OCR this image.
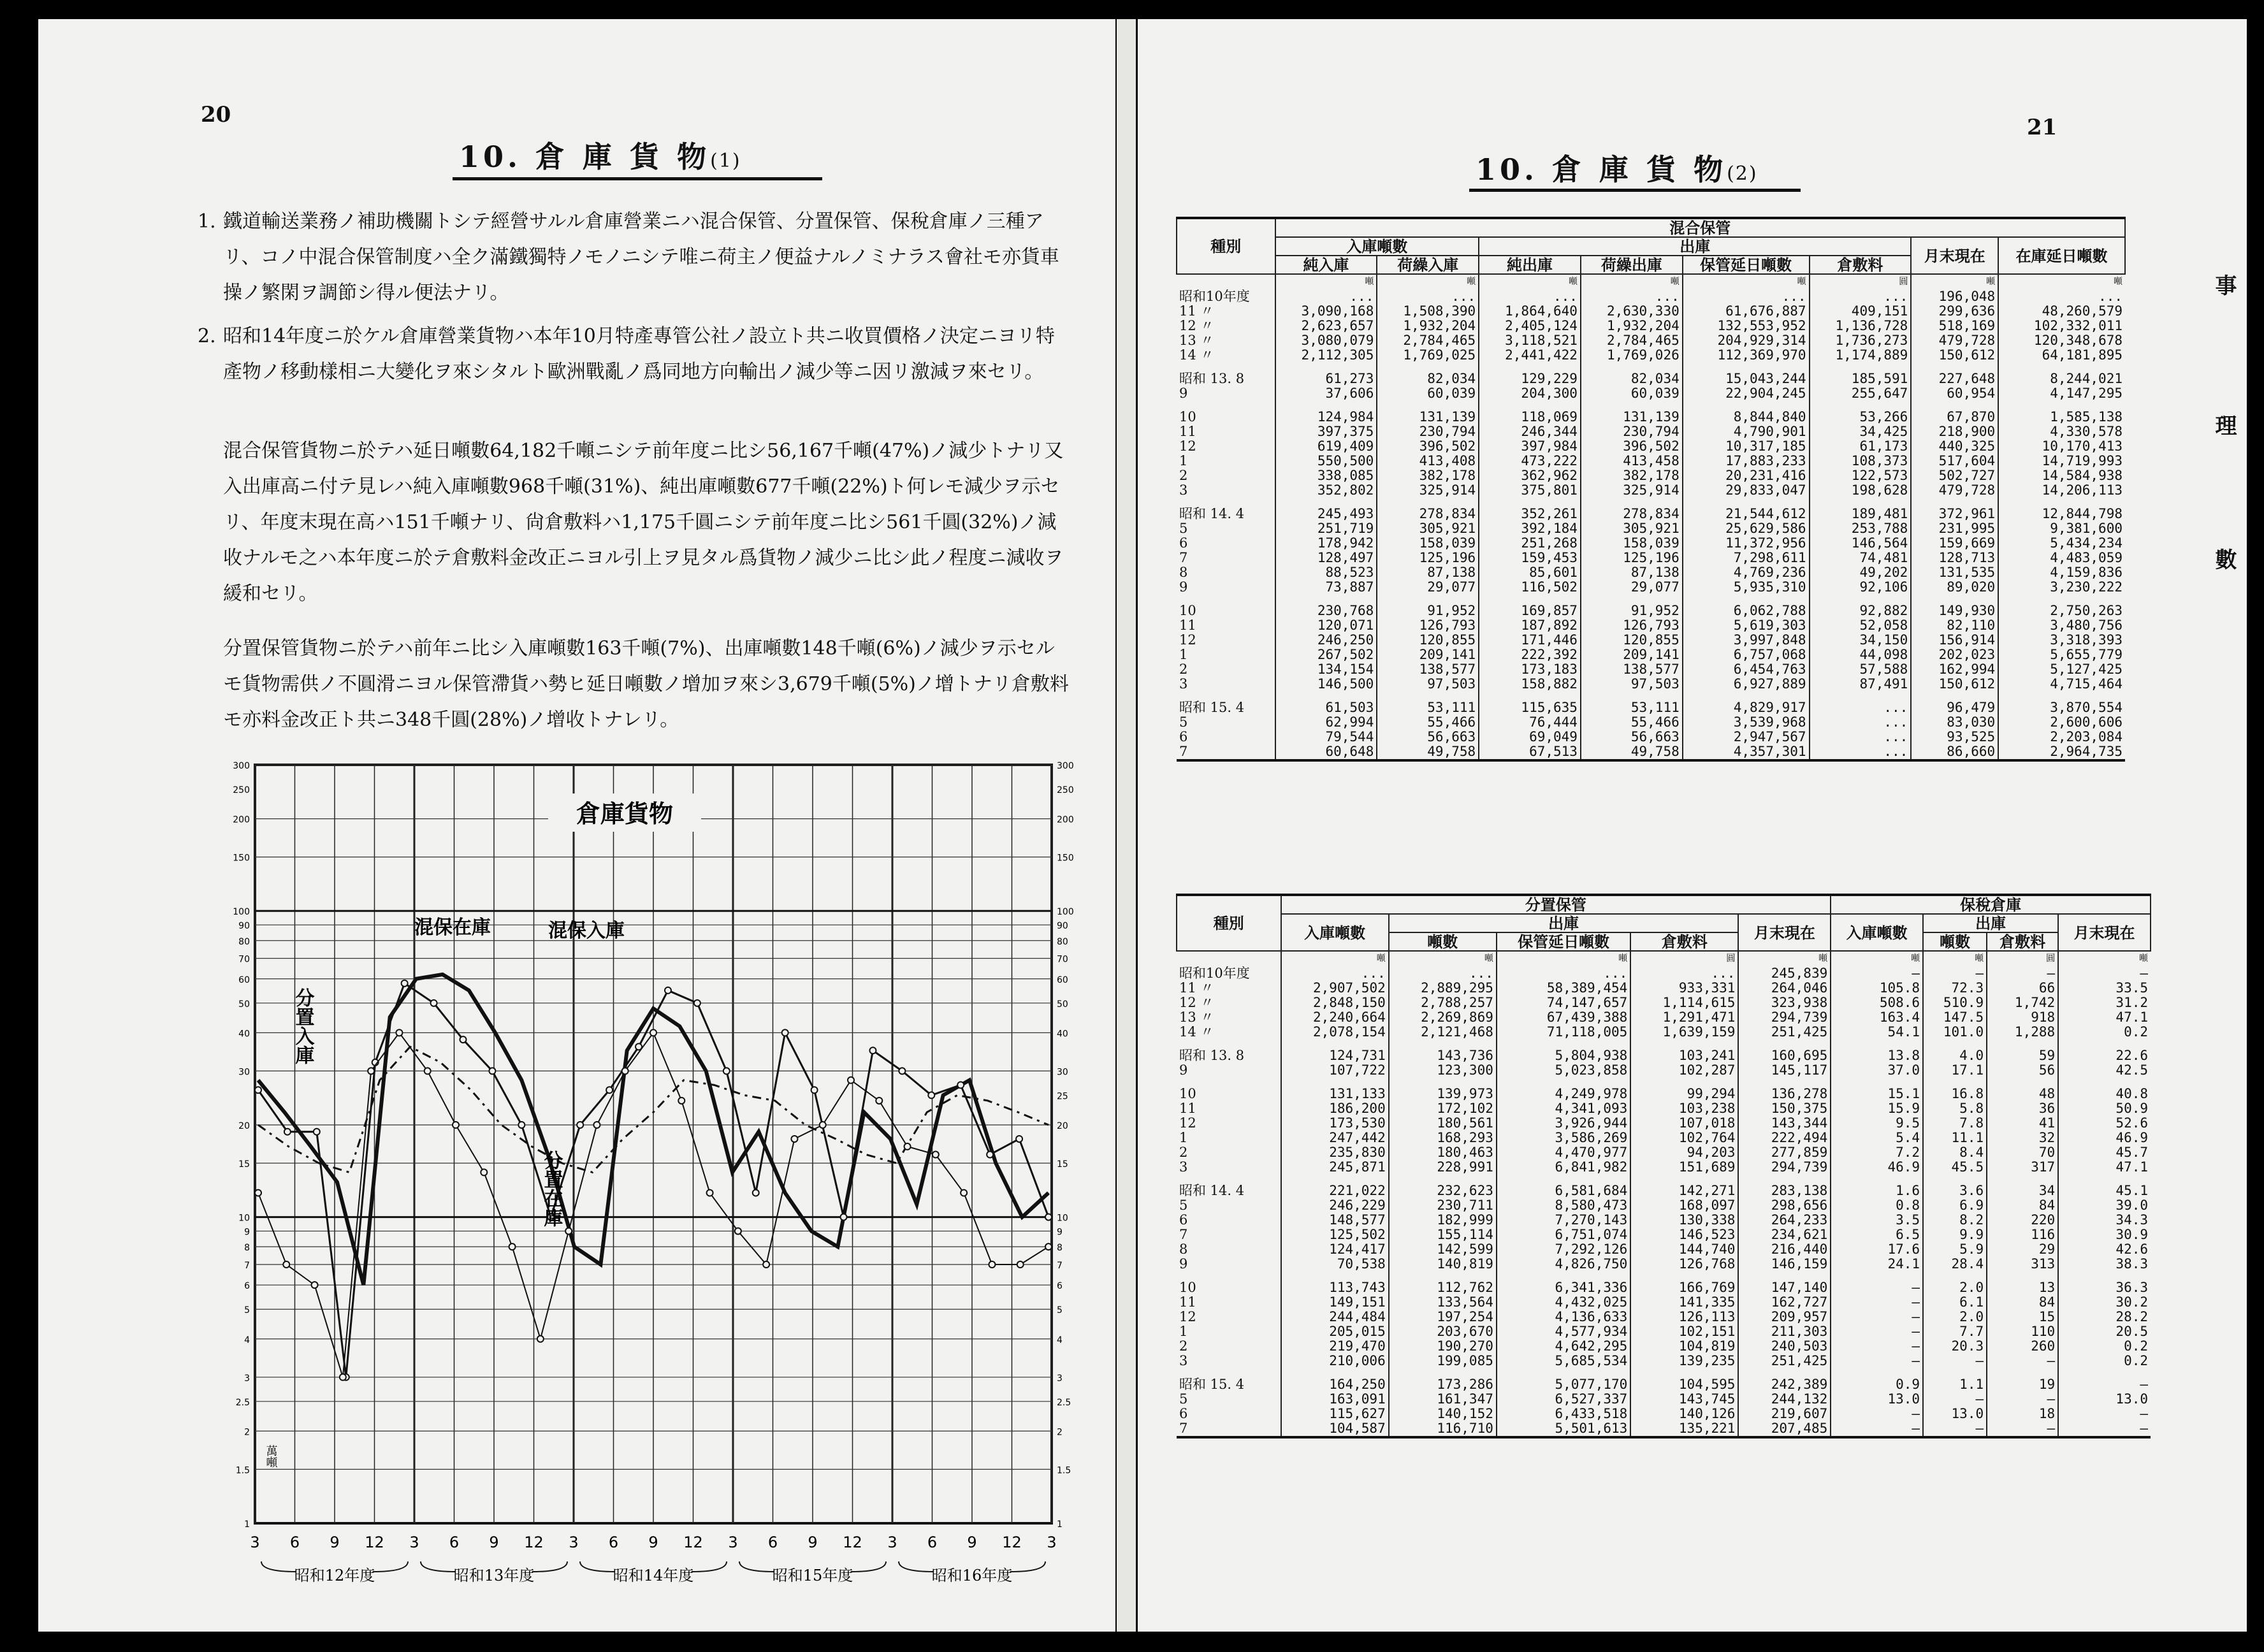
20
10. 倉 庫 貨 物(1)
1. 鐵道輸送業務ノ補助機關トシテ經營サルル倉庫營業ニハ混合保管、分置保管、保稅倉庫ノ三種アリ、コノ中混合保管制度ハ全ク滿鐵獨特ノモノニシテ唯ニ荷主ノ便益ナルノミナラス會社モ亦貨車操ノ繁閑ヲ調節シ得ル便法ナリ。
2. 昭和14年度ニ於ケル倉庫營業貨物ハ本年10月特產專管公社ノ設立ト共ニ收買價格ノ決定ニヨリ特產物ノ移動樣相ニ大變化ヲ來シタルト歐洲戰亂ノ爲同地方向輸出ノ減少等ニ因リ激減ヲ來セリ。
混合保管貨物ニ於テハ延日噸數64,182千噸ニシテ前年度ニ比シ56,167千噸(47%)ノ減少トナリ又入出庫高ニ付テ見レハ純入庫噸數968千噸(31%)、純出庫噸數677千噸(22%)ト何レモ減少ヲ示セリ、年度末現在高ハ151千噸ナリ、尙倉敷料ハ1,175千圓ニシテ前年度ニ比シ561千圓(32%)ノ減收ナルモ之ハ本年度ニ於テ倉敷料金改正ニヨル引上ヲ見タル爲貨物ノ減少ニ比シ此ノ程度ニ減收ヲ緩和セリ。
分置保管貨物ニ於テハ前年ニ比シ入庫噸數163千噸(7%)、出庫噸數148千噸(6%)ノ減少ヲ示セルモ貨物需供ノ不圓滑ニヨル保管滯貨ハ勢ヒ延日噸數ノ增加ヲ來シ3,679千噸(5%)ノ增トナリ倉敷料モ亦料金改正ト共ニ348千圓(28%)ノ增收トナレリ。
3 6 9 12 3 6 9 12 3 6 9 12 3 6 9 12 3 6 9 12 3
300
250
200
150
100
90
80
70
60
50
40
30
20
15
10
9
8
7
6
5
4
3
2.5
2
1.5
1
300
250
200
150
100
90
80
70
60
50
40
30
25
20
15
10
9
8
7
6
5
4
3
2.5
2
1.5
1
倉庫貨物
萬噸
昭和12年度	昭和13年度	昭和14年度	昭和15年度	昭和16年度
混保在庫	混保入庫
分置入庫
分置在庫
21
10. 倉 庫 貨 物(2)
種別	混合保管							
	入庫噸數		出庫				月末現在	在庫延日噸數
	純入庫	荷繰入庫	純出庫	荷繰出庫	保管延日噸數	倉敷料		
	噸	噸	噸	噸	噸	圓	噸	噸
昭和10年度	...	...	...	...	...	...	196,048	...
11 〃	3,090,168	1,508,390	1,864,640	2,630,330	61,676,887	409,151	299,636	48,260,579
12 〃	2,623,657	1,932,204	2,405,124	1,932,204	132,553,952	1,136,728	518,169	102,332,011
13 〃	3,080,079	2,784,465	3,118,521	2,784,465	204,929,314	1,736,273	479,728	120,348,678
14 〃	2,112,305	1,769,025	2,441,422	1,769,026	112,369,970	1,174,889	150,612	64,181,895

昭和 13. 8	61,273	82,034	129,229	82,034	15,043,244	185,591	227,648	8,244,021
9	37,606	60,039	204,300	60,039	22,904,245	255,647	60,954	4,147,295

10	124,984	131,139	118,069	131,139	8,844,840	53,266	67,870	1,585,138
11	397,375	230,794	246,344	230,794	4,790,901	34,425	218,900	4,330,578
12	619,409	396,502	397,984	396,502	10,317,185	61,173	440,325	10,170,413
1	550,500	413,408	473,222	413,458	17,883,233	108,373	517,604	14,719,993
2	338,085	382,178	362,962	382,178	20,231,416	122,573	502,727	14,584,938
3	352,802	325,914	375,801	325,914	29,833,047	198,628	479,728	14,206,113

昭和 14. 4	245,493	278,834	352,261	278,834	21,544,612	189,481	372,961	12,844,798
5	251,719	305,921	392,184	305,921	25,629,586	253,788	231,995	9,381,600
6	178,942	158,039	251,268	158,039	11,372,956	146,564	159,669	5,434,234
7	128,497	125,196	159,453	125,196	7,298,611	74,481	128,713	4,483,059
8	88,523	87,138	85,601	87,138	4,769,236	49,202	131,535	4,159,836
9	73,887	29,077	116,502	29,077	5,935,310	92,106	89,020	3,230,222

10	230,768	91,952	169,857	91,952	6,062,788	92,882	149,930	2,750,263
11	120,071	126,793	187,892	126,793	5,619,303	52,058	82,110	3,480,756
12	246,250	120,855	171,446	120,855	3,997,848	34,150	156,914	3,318,393
1	267,502	209,141	222,392	209,141	6,757,068	44,098	202,023	5,655,779
2	134,154	138,577	173,183	138,577	6,454,763	57,588	162,994	5,127,425
3	146,500	97,503	158,882	97,503	6,927,889	87,491	150,612	4,715,464

昭和 15. 4	61,503	53,111	115,635	53,111	4,829,917	...	96,479	3,870,554
5	62,994	55,466	76,444	55,466	3,539,968	...	83,030	2,600,606
6	79,544	56,663	69,049	56,663	2,947,567	...	93,525	2,203,084
7	60,648	49,758	67,513	49,758	4,357,301	...	86,660	2,964,735
種別	分置保管					保稅倉庫			
	入庫噸數	出庫			月末現在	入庫噸數	出庫		月末現在
		噸數	保管延日噸數	倉敷料			噸數	倉敷料	
	噸	噸	噸	圓	噸	噸	噸	圓	噸
昭和10年度	...	...	...	...	245,839	—	—	—	—
11 〃	2,907,502	2,889,295	58,389,454	933,331	264,046	105.8	72.3	66	33.5
12 〃	2,848,150	2,788,257	74,147,657	1,114,615	323,938	508.6	510.9	1,742	31.2
13 〃	2,240,664	2,269,869	67,439,388	1,291,471	294,739	163.4	147.5	918	47.1
14 〃	2,078,154	2,121,468	71,118,005	1,639,159	251,425	54.1	101.0	1,288	0.2

昭和 13. 8	124,731	143,736	5,804,938	103,241	160,695	13.8	4.0	59	22.6
9	107,722	123,300	5,023,858	102,287	145,117	37.0	17.1	56	42.5

10	131,133	139,973	4,249,978	99,294	136,278	15.1	16.8	48	40.8
11	186,200	172,102	4,341,093	103,238	150,375	15.9	5.8	36	50.9
12	173,530	180,561	3,926,944	107,018	143,344	9.5	7.8	41	52.6
1	247,442	168,293	3,586,269	102,764	222,494	5.4	11.1	32	46.9
2	235,830	180,463	4,470,977	94,203	277,859	7.2	8.4	70	45.7
3	245,871	228,991	6,841,982	151,689	294,739	46.9	45.5	317	47.1

昭和 14. 4	221,022	232,623	6,581,684	142,271	283,138	1.6	3.6	34	45.1
5	246,229	230,711	8,580,473	168,097	298,656	0.8	6.9	84	39.0
6	148,577	182,999	7,270,143	130,338	264,233	3.5	8.2	220	34.3
7	125,502	155,114	6,751,074	146,523	234,621	6.5	9.9	116	30.9
8	124,417	142,599	7,292,126	144,740	216,440	17.6	5.9	29	42.6
9	70,538	140,819	4,826,750	126,768	146,159	24.1	28.4	313	38.3

10	113,743	112,762	6,341,336	166,769	147,140	—	2.0	13	36.3
11	149,151	133,564	4,432,025	141,335	162,727	—	6.1	84	30.2
12	244,484	197,254	4,136,633	126,113	209,957	—	2.0	15	28.2
1	205,015	203,670	4,577,934	102,151	211,303	—	7.7	110	20.5
2	219,470	190,270	4,642,295	104,819	240,503	—	20.3	260	0.2
3	210,006	199,085	5,685,534	139,235	251,425	—	—	—	0.2

昭和 15. 4	164,250	173,286	5,077,170	104,595	242,389	0.9	1.1	19	—
5	163,091	161,347	6,527,337	143,745	244,132	13.0	—	—	13.0
6	115,627	140,152	6,433,518	140,126	219,607	—	13.0	18	—
7	104,587	116,710	5,501,613	135,221	207,485	—	—	—	—
事
理
數
